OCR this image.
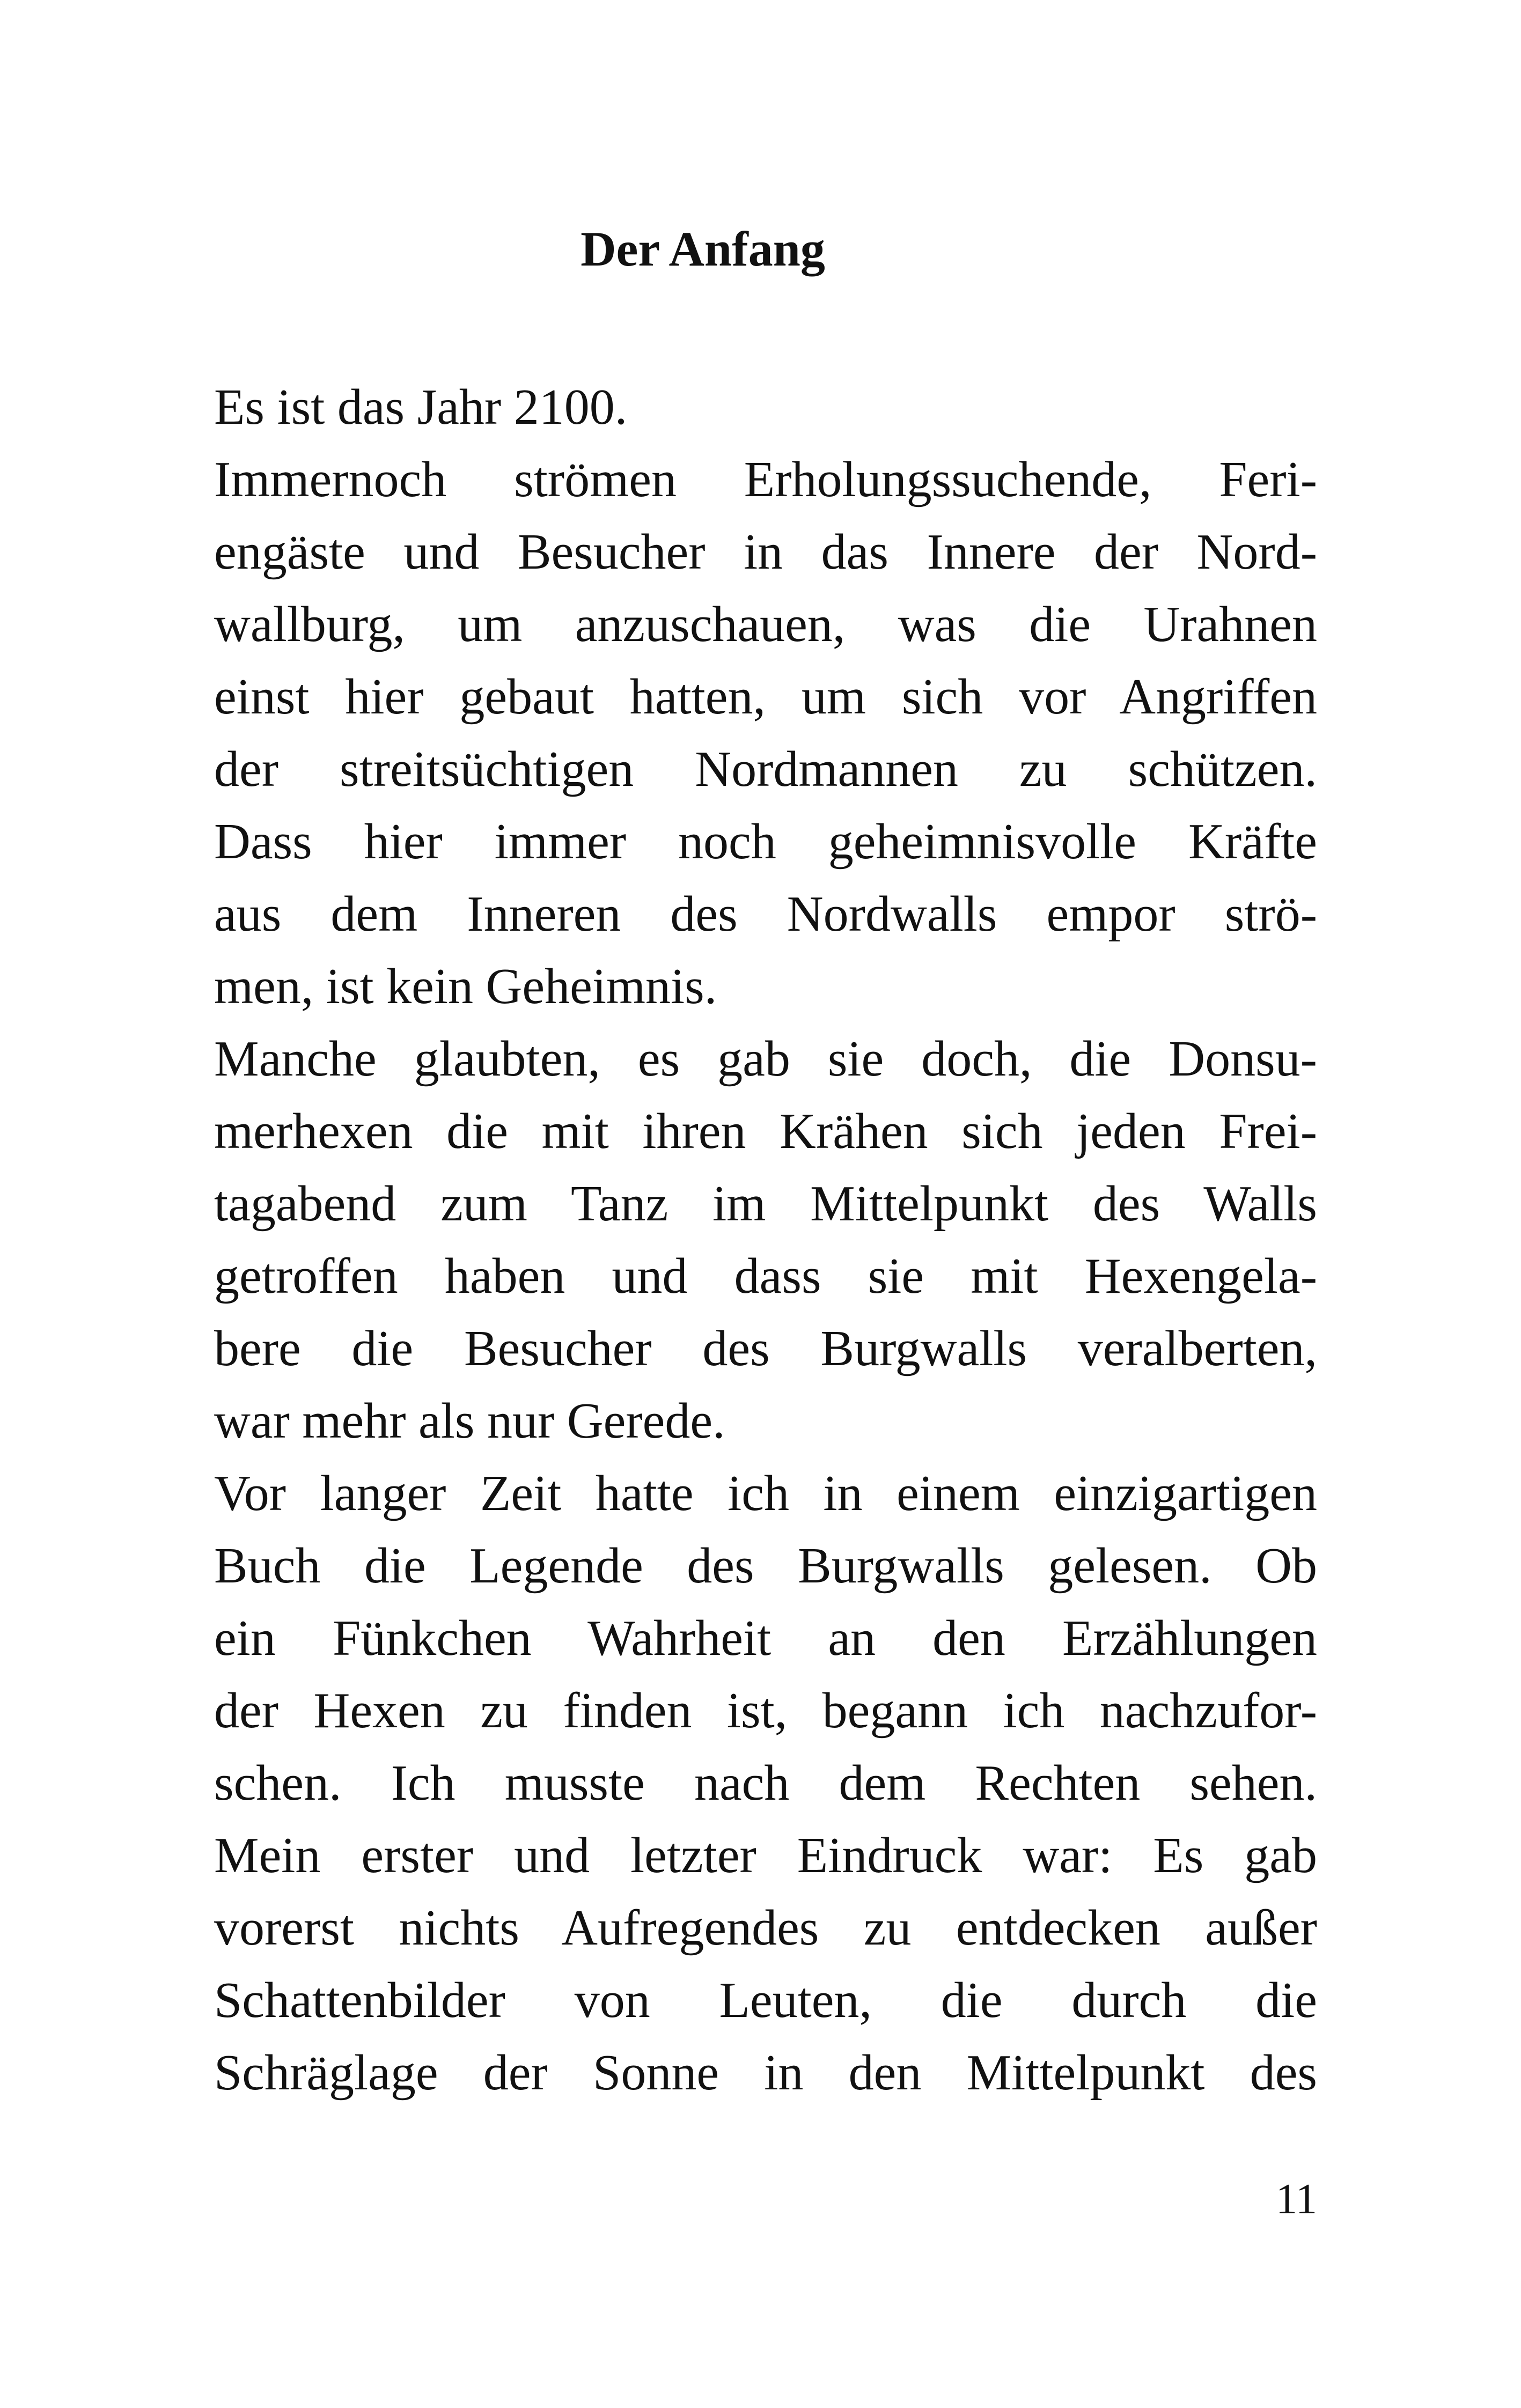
Der Anfang
Es ist das Jahr 2100.
Immernoch strömen Erholungssuchende, Feri-
engäste und Besucher in das Innere der Nord-
wallburg, um anzuschauen, was die Urahnen
einst hier gebaut hatten, um sich vor Angriffen
der streitsüchtigen Nordmannen zu schützen.
Dass hier immer noch geheimnisvolle Kräfte
aus dem Inneren des Nordwalls empor strö-
men, ist kein Geheimnis.
Manche glaubten, es gab sie doch, die Donsu-
merhexen die mit ihren Krähen sich jeden Frei-
tagabend zum Tanz im Mittelpunkt des Walls
getroffen haben und dass sie mit Hexengela-
bere die Besucher des Burgwalls veralberten,
war mehr als nur Gerede.
Vor langer Zeit hatte ich in einem einzigartigen
Buch die Legende des Burgwalls gelesen. Ob
ein Fünkchen Wahrheit an den Erzählungen
der Hexen zu finden ist, begann ich nachzufor-
schen. Ich musste nach dem Rechten sehen.
Mein erster und letzter Eindruck war: Es gab
vorerst nichts Aufregendes zu entdecken außer
Schattenbilder von Leuten, die durch die
Schräglage der Sonne in den Mittelpunkt des
11
